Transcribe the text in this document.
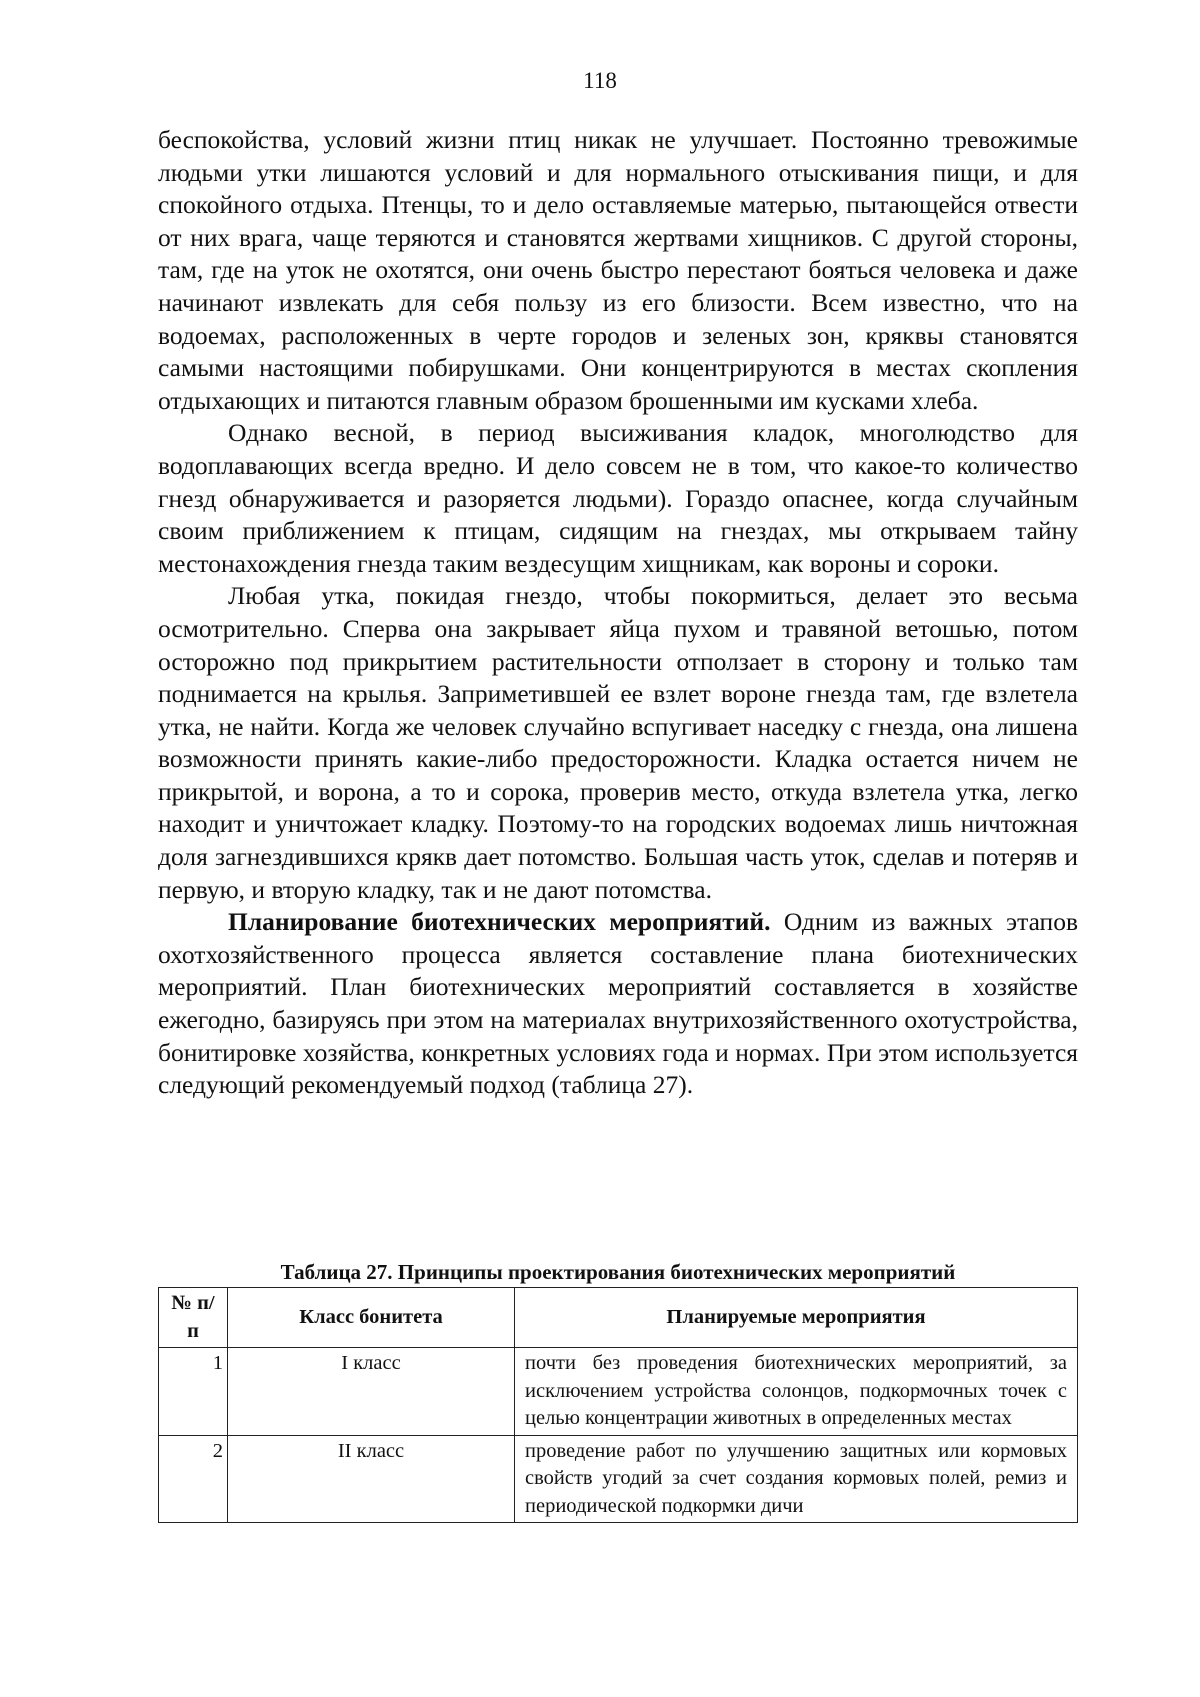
118

беспокойства, условий жизни птиц никак не улучшает. Постоянно тревожимые людьми утки лишаются условий и для нормального отыскивания пищи, и для спокойного отдыха. Птенцы, то и дело оставляемые матерью, пытающейся отвести от них врага, чаще теряются и становятся жертвами хищников. С другой стороны, там, где на уток не охотятся, они очень быстро перестают бояться человека и даже начинают извлекать для себя пользу из его близости. Всем известно, что на водоемах, расположенных в черте городов и зеленых зон, кряквы становятся самыми настоящими побирушками. Они концентрируются в местах скопления отдыхающих и питаются главным образом брошенными им кусками хлеба.

Однако весной, в период высиживания кладок, многолюдство для водоплавающих всегда вредно. И дело совсем не в том, что какое-то количество гнезд обнаруживается и разоряется людьми). Гораздо опаснее, когда случайным своим приближением к птицам, сидящим на гнездах, мы открываем тайну местонахождения гнезда таким вездесущим хищникам, как вороны и сороки.

Любая утка, покидая гнездо, чтобы покормиться, делает это весьма осмотрительно. Сперва она закрывает яйца пухом и травяной ветошью, потом осторожно под прикрытием растительности отползает в сторону и только там поднимается на крылья. Заприметившей ее взлет вороне гнезда там, где взлетела утка, не найти. Когда же человек случайно вспугивает наседку с гнезда, она лишена возможности принять какие-либо предосторожности. Кладка остается ничем не прикрытой, и ворона, а то и сорока, проверив место, откуда взлетела утка, легко находит и уничтожает кладку. Поэтому-то на городских водоемах лишь ничтожная доля загнездившихся крякв дает потомство. Большая часть уток, сделав и потеряв и первую, и вторую кладку, так и не дают потомства.

Планирование биотехнических мероприятий. Одним из важных этапов охотхозяйственного процесса является составление плана биотехнических мероприятий. План биотехнических мероприятий составляется в хозяйстве ежегодно, базируясь при этом на материалах внутрихозяйственного охотустройства, бонитировке хозяйства, конкретных условиях года и нормах. При этом используется следующий рекомендуемый подход (таблица 27).

Таблица 27. Принципы проектирования биотехнических мероприятий
№ п/п	Класс бонитета	Планируемые мероприятия
1	I класс	почти без проведения биотехнических мероприятий, за исключением устройства солонцов, подкормочных точек с целью концентрации животных в определенных местах
2	II класс	проведение работ по улучшению защитных или кормовых свойств угодий за счет создания кормовых полей, ремиз и периодической подкормки дичи
